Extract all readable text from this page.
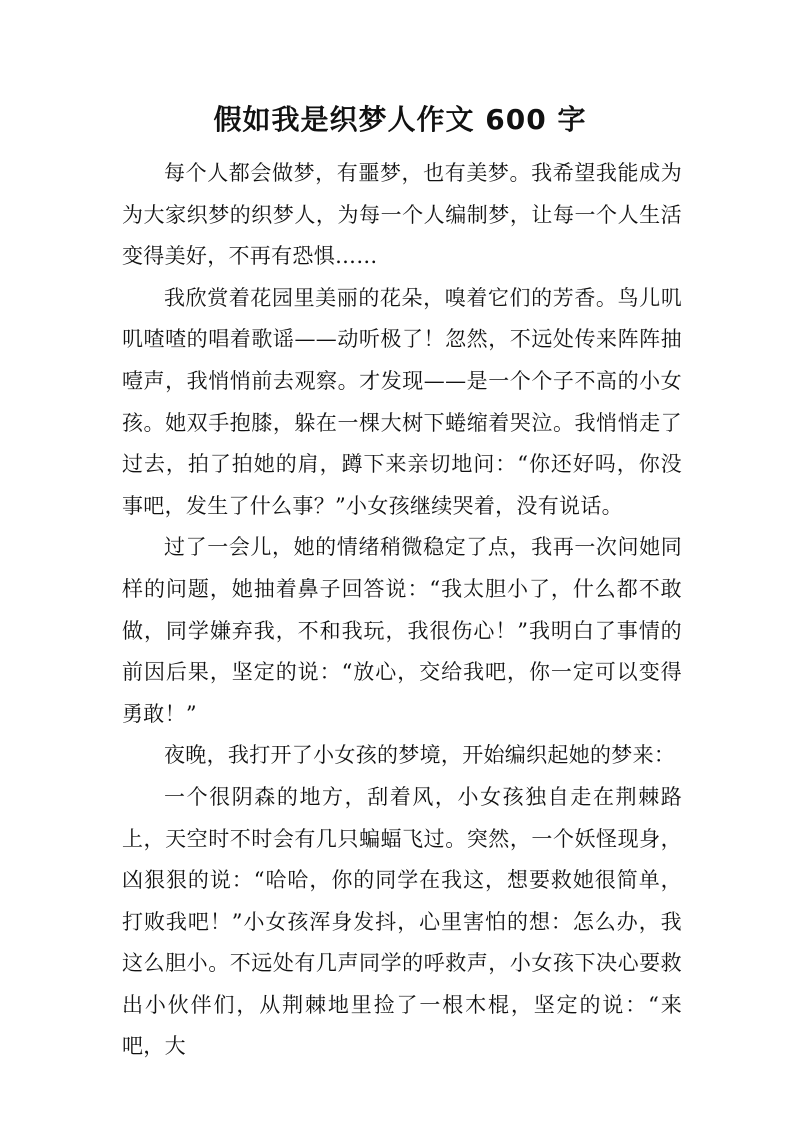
假如我是织梦人作文 600 字

每个人都会做梦，有噩梦，也有美梦。我希望我能成为为大家织梦的织梦人，为每一个人编制梦，让每一个人生活变得美好，不再有恐惧……

我欣赏着花园里美丽的花朵，嗅着它们的芳香。鸟儿叽叽喳喳的唱着歌谣——动听极了！忽然，不远处传来阵阵抽噎声，我悄悄前去观察。才发现——是一个个子不高的小女孩。她双手抱膝，躲在一棵大树下蜷缩着哭泣。我悄悄走了过去，拍了拍她的肩，蹲下来亲切地问：“你还好吗，你没事吧，发生了什么事？”小女孩继续哭着，没有说话。

过了一会儿，她的情绪稍微稳定了点，我再一次问她同样的问题，她抽着鼻子回答说：“我太胆小了，什么都不敢做，同学嫌弃我，不和我玩，我很伤心！”我明白了事情的前因后果，坚定的说：“放心，交给我吧，你一定可以变得勇敢！”

夜晚，我打开了小女孩的梦境，开始编织起她的梦来：

一个很阴森的地方，刮着风，小女孩独自走在荆棘路上，天空时不时会有几只蝙蝠飞过。突然，一个妖怪现身，凶狠狠的说：“哈哈，你的同学在我这，想要救她很简单，打败我吧！”小女孩浑身发抖，心里害怕的想：怎么办，我这么胆小。不远处有几声同学的呼救声，小女孩下决心要救出小伙伴们，从荆棘地里捡了一根木棍，坚定的说：“来吧，大
